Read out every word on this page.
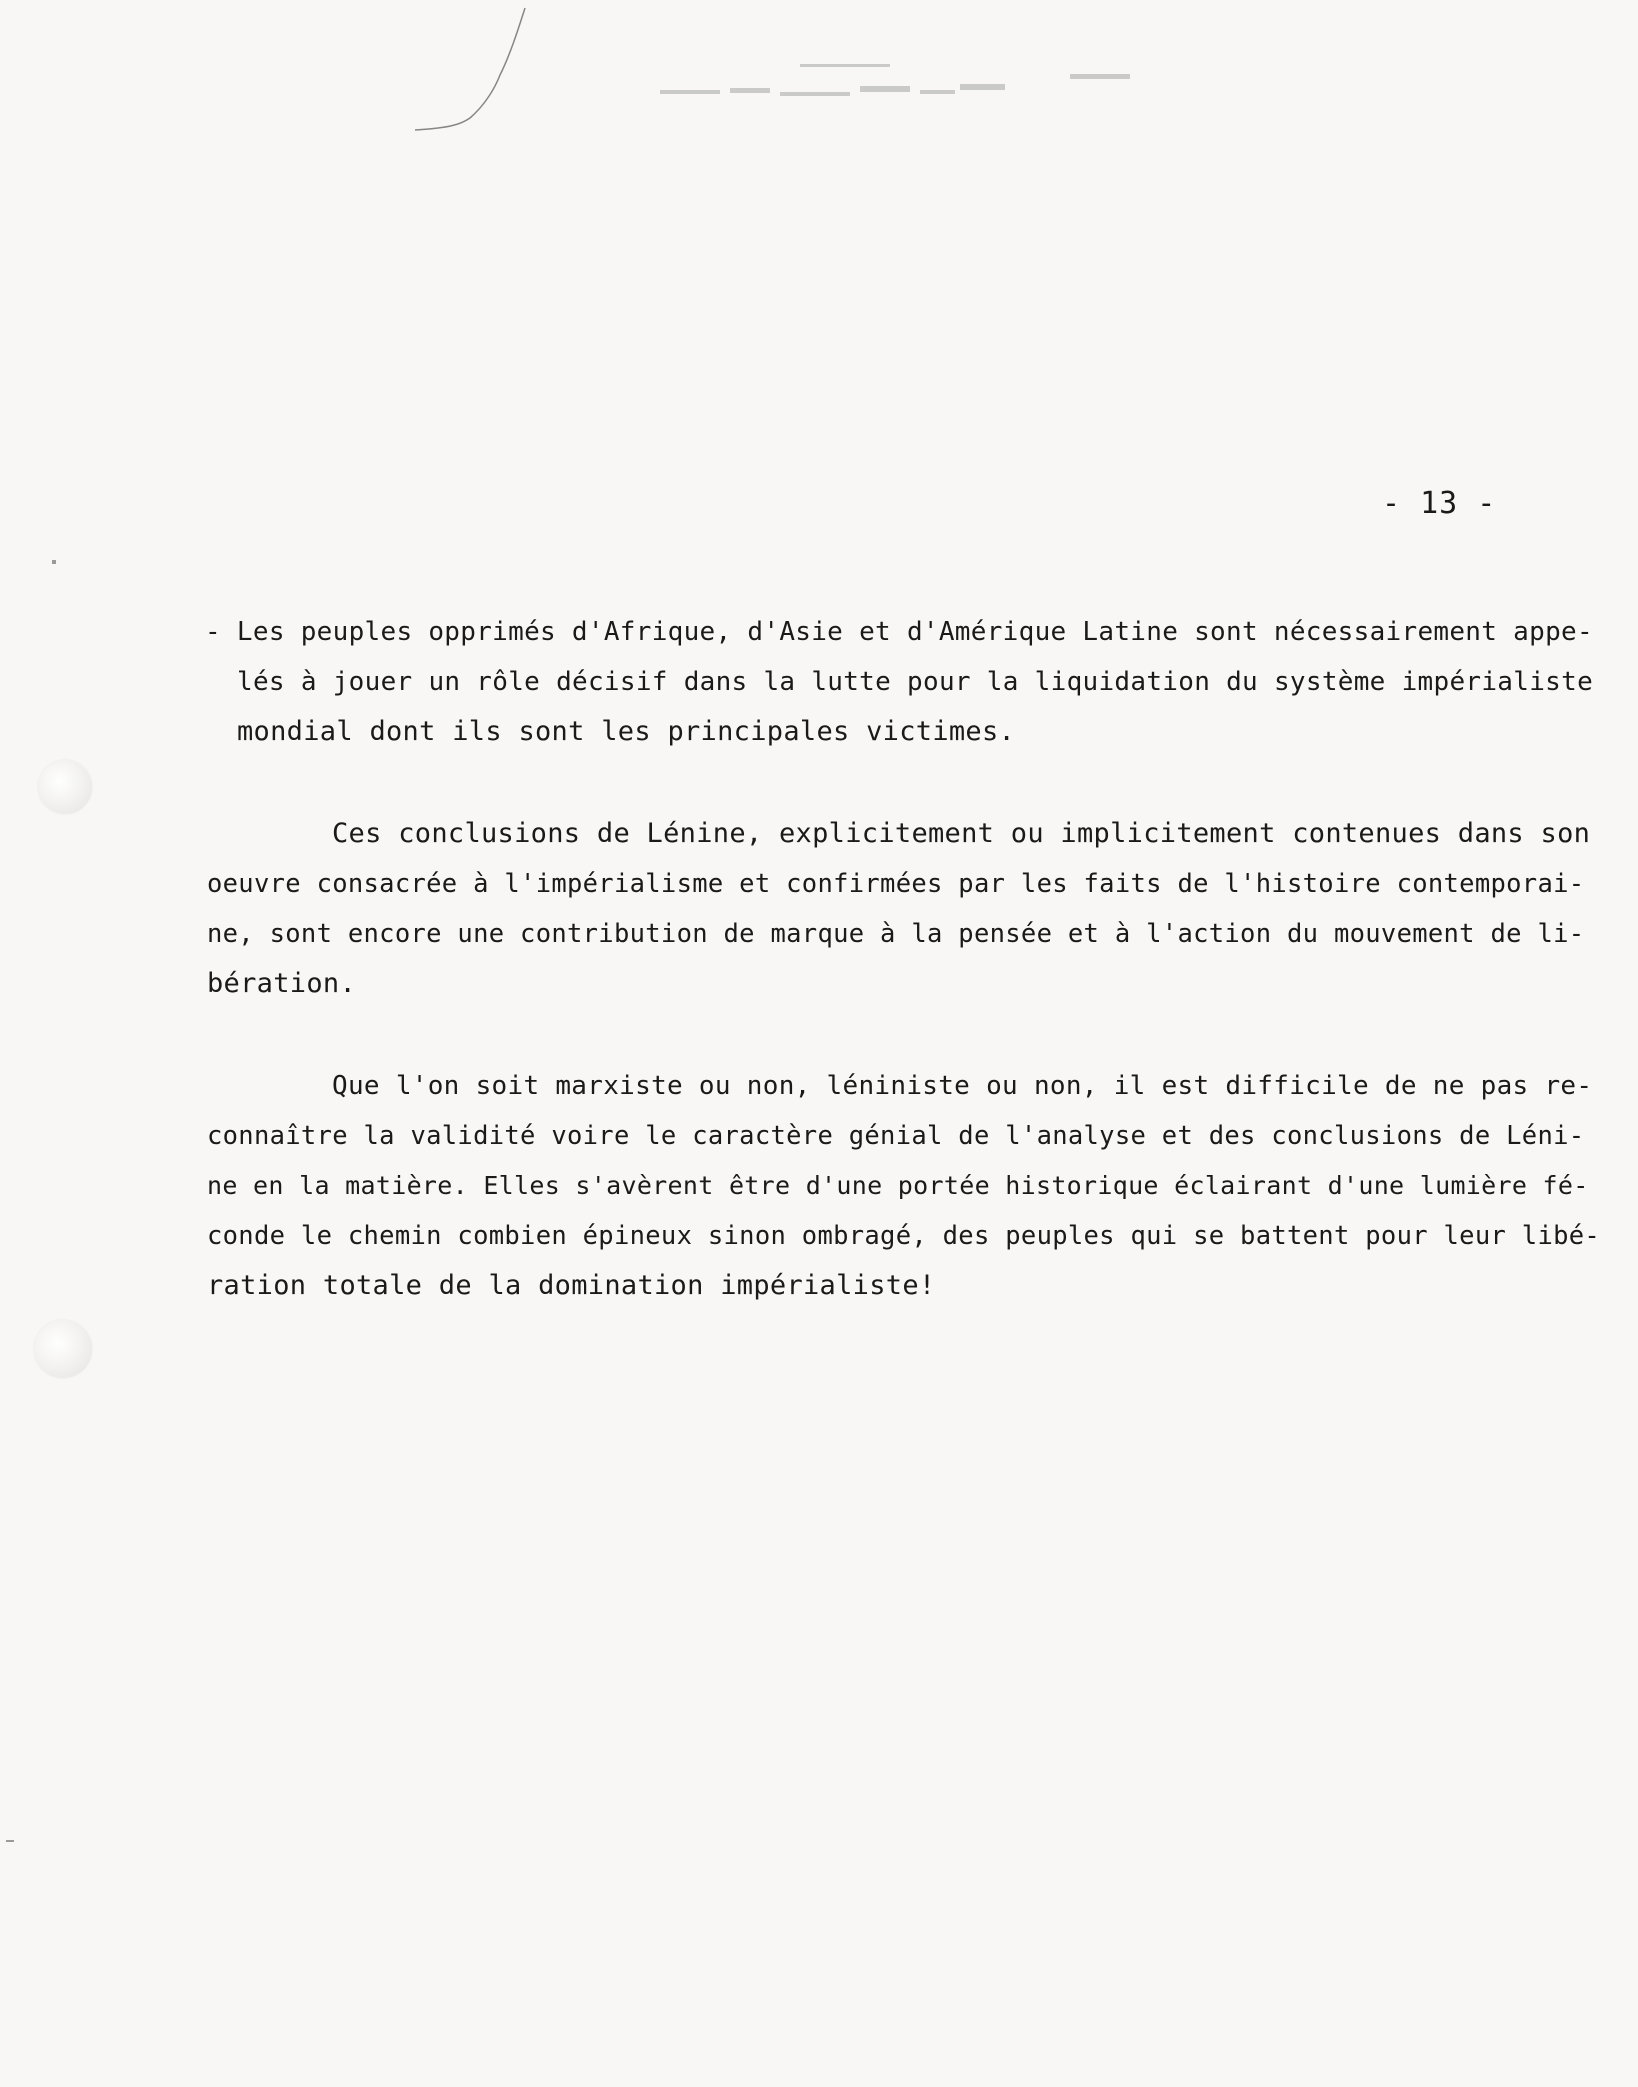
- 13 -
- Les peuples opprimés d'Afrique, d'Asie et d'Amérique Latine sont nécessairement appe-
lés à jouer un rôle décisif dans la lutte pour la liquidation du système impérialiste
mondial dont ils sont les principales victimes.
Ces conclusions de Lénine, explicitement ou implicitement contenues dans son
oeuvre consacrée à l'impérialisme et confirmées par les faits de l'histoire contemporai-
ne, sont encore une contribution de marque à la pensée et à l'action du mouvement de li-
bération.
Que l'on soit marxiste ou non, léniniste ou non, il est difficile de ne pas re-
connaître la validité voire le caractère génial de l'analyse et des conclusions de Léni-
ne en la matière. Elles s'avèrent être d'une portée historique éclairant d'une lumière fé-
conde le chemin combien épineux sinon ombragé, des peuples qui se battent pour leur libé-
ration totale de la domination impérialiste!
